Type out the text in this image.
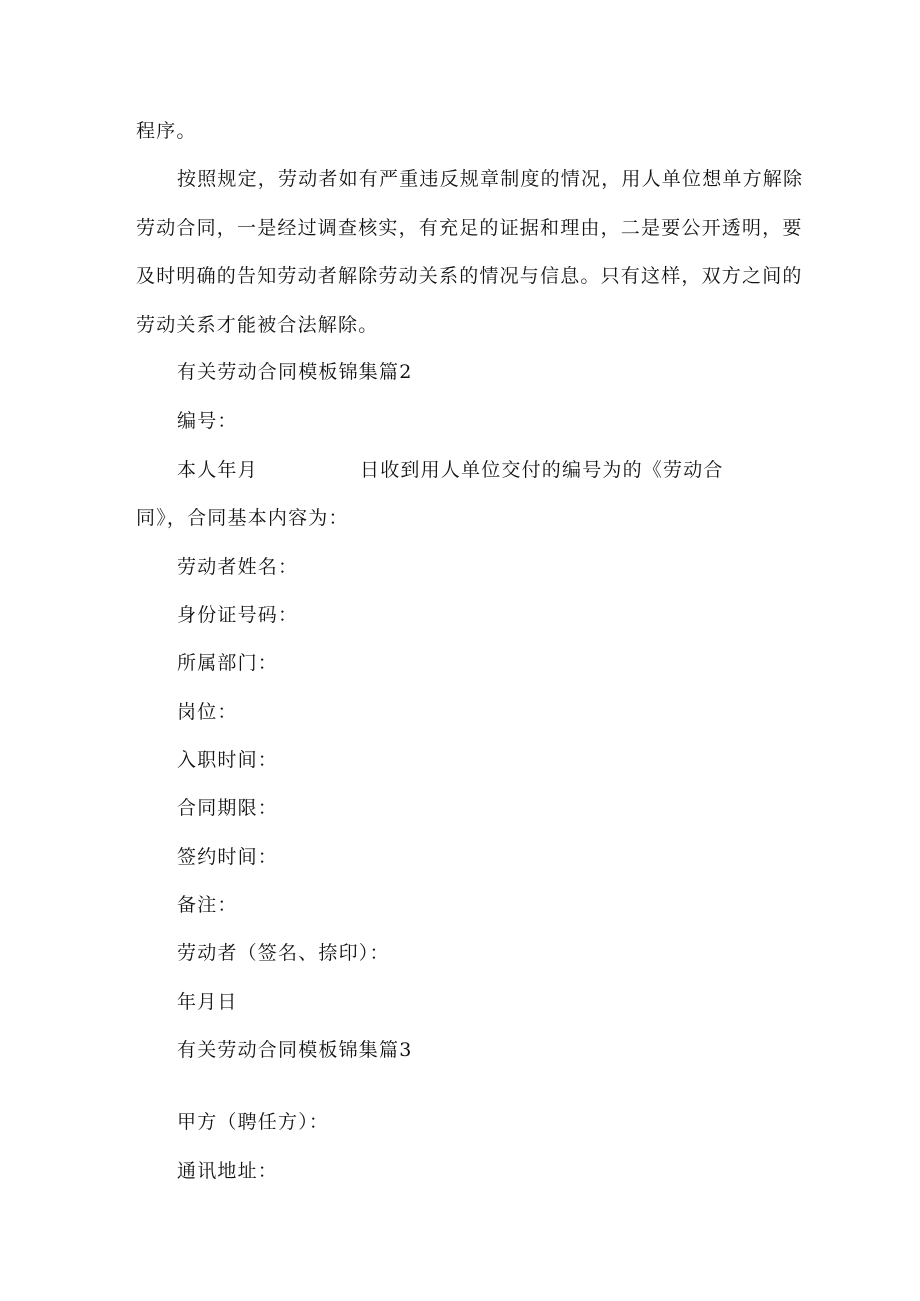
程序。
按照规定，劳动者如有严重违反规章制度的情况，用人单位想单方解除
劳动合同，一是经过调查核实，有充足的证据和理由，二是要公开透明，要
及时明确的告知劳动者解除劳动关系的情况与信息。只有这样，双方之间的
劳动关系才能被合法解除。
有关劳动合同模板锦集篇2
编号：
本人年月	日收到用人单位交付的编号为的《劳动合
同》，合同基本内容为：
劳动者姓名：
身份证号码：
所属部门：
岗位：
入职时间：
合同期限：
签约时间：
备注：
劳动者（签名、捺印）：
年月日
有关劳动合同模板锦集篇3
甲方（聘任方）：
通讯地址：
